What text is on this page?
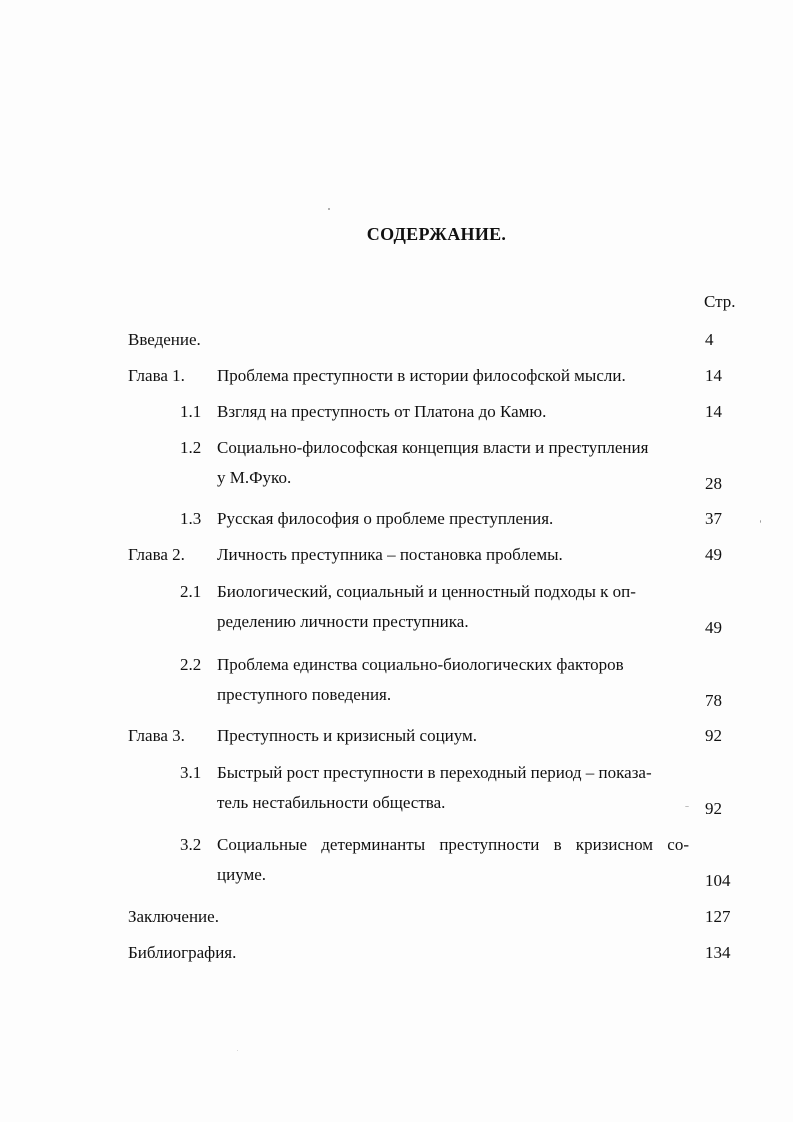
СОДЕРЖАНИЕ.
Стр.
Введение.	4
Глава 1. Проблема преступности в истории философской мысли.	14
1.1 Взгляд на преступность от Платона до Камю.	14
1.2 Социально-философская концепция власти и преступления
у М.Фуко.	28
1.3 Русская философия о проблеме преступления.	37
Глава 2. Личность преступника – постановка проблемы.	49
2.1 Биологический, социальный и ценностный подходы к оп-
ределению личности преступника.	49
2.2 Проблема единства социально-биологических факторов
преступного поведения.	78
Глава 3. Преступность и кризисный социум.	92
3.1 Быстрый рост преступности в переходный период – показа-
тель нестабильности общества.	92
3.2 Социальные детерминанты преступности в кризисном со-
циуме.	104
Заключение.	127
Библиография.	134
